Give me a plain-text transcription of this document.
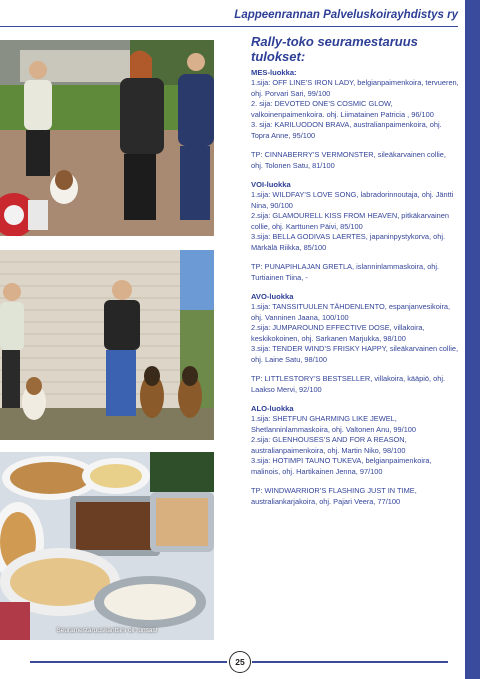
Lappeenrannan Palveluskoirayhdistys ry
Seuramestaruuskanttiini oli runsas!
Rally-toko seuramestaruus
tulokset:
MES-luokka:

1.sija: OFF LINE’S IRON LADY, belgianpaimenkoira, tervueren, ohj. Porvari Sari, 99/100

2. sija: DEVOTED ONE’S COSMIC GLOW, valkoinenpaimenkoira. ohj. Liimatainen Patricia , 96/100

3. sija: KARILUODON BRAVA, australianpaimenkoira, ohj. Topra Anne, 95/100

TP: CINNABERRY’S VERMONSTER, sileäkarvainen collie, ohj. Tolonen Satu, 81/100
VOI-luokka

1.sija: WILDFAY’S LOVE SONG, labradorinnoutaja, ohj. Jäntti Nina, 90/100

2.sija: GLAMOURELL KISS FROM HEAVEN, pitkäkarvainen collie, ohj. Karttunen Päivi, 85/100

3.sija: BELLA GODIVAS LAERTES, japaninpystykorva, ohj. Märkälä Riikka, 85/100

TP: PUNAPIHLAJAN GRETLA, islanninlammaskoira, ohj. Turtiainen Tiina, -
AVO-luokka

1.sija: TANSSITUULEN TÄHDENLENTO, espanjanvesikoira, ohj. Vanninen Jaana, 100/100

2.sija: JUMPAROUND EFFECTIVE DOSE, villakoira, keskikokoinen, ohj. Sarkanen Marjukka, 98/100

3.sija: TENDER WIND’S FRISKY HAPPY, sileäkarvainen collie, ohj. Laine Satu, 98/100

TP: LITTLESTORY’S BESTSELLER, villakoira, kääpiö, ohj. Laakso Mervi, 92/100
ALO-luokka

1.sija: SHETFUN GHARMING LIKE JEWEL, Shetlanninlammaskoira, ohj. Valtonen Anu, 99/100

2.sija: GLENHOUSES’S AND FOR A REASON, australianpaimenkoira, ohj. Martin Niko, 98/100

3.sija: HOTIMPI TAUNO TUKEVA, belgianpaimenkoira, malinois, ohj. Hartikainen Jenna, 97/100

TP: WINDWARRIOR’S FLASHING JUST IN TIME, australiankarjakoira, ohj. Pajari Veera, 77/100
25
